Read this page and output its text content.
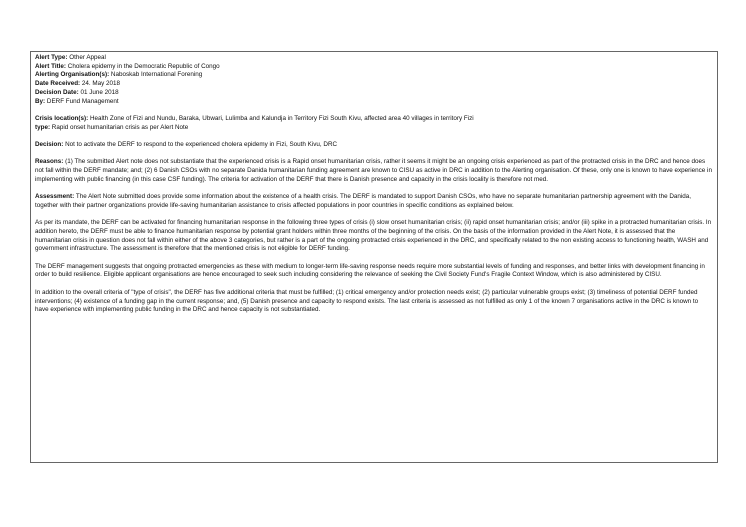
Alert Type: Other Appeal
Alert Title: Cholera epidemy in the Democratic Republic of Congo
Alerting Organisation(s): Naboskab International Forening
Date Received: 24. May 2018
Decision Date: 01 June 2018
By: DERF Fund Management
Crisis location(s): Health Zone of Fizi and Nundu, Baraka, Ubwari, Lulimba and Kalundja in Territory Fizi South Kivu, affected area 40 villages in territory Fizi
type: Rapid onset humanitarian crisis as per Alert Note

Decision: Not to activate the DERF to respond to the experienced cholera epidemy in Fizi, South Kivu, DRC

Reasons: (1) The submitted Alert note does not substantiate that the experienced crisis is a Rapid onset humanitarian crisis, rather it seems it might be an ongoing crisis experienced as part of the protracted crisis in the DRC and hence does not fall within the DERF mandate; and; (2) 6 Danish CSOs with no separate Danida humanitarian funding agreement are known to CISU as active in DRC in addition to the Alerting organisation. Of these, only one is known to have experience in implementing with public financing (in this case CSF funding). The criteria for activation of the DERF that there is Danish presence and capacity in the crisis locality is therefore not med.

Assessment: The Alert Note submitted does provide some information about the existence of a health crisis. The DERF is mandated to support Danish CSOs, who have no separate humanitarian partnership agreement with the Danida, together with their partner organizations provide life-saving humanitarian assistance to crisis affected populations in poor countries in specific conditions as explained below.

As per its mandate, the DERF can be activated for financing humanitarian response in the following three types of crisis (i) slow onset humanitarian crisis; (ii) rapid onset humanitarian crisis; and/or (iii) spike in a protracted humanitarian crisis. In addition hereto, the DERF must be able to finance humanitarian response by potential grant holders within three months of the beginning of the crisis. On the basis of the information provided in the Alert Note, it is assessed that the humanitarian crisis in question does not fall within either of the above 3 categories, but rather is a part of the ongoing protracted crisis experienced in the DRC, and specifically related to the non existing access to functioning health, WASH and government infrastructure. The assessment is therefore that the mentioned crisis is not eligible for DERF funding.

The DERF management suggests that ongoing protracted emergencies as these with medium to longer-term life-saving response needs require more substantial levels of funding and responses, and better links with development financing in order to build resilience. Eligible applicant organisations are hence encouraged to seek such including considering the relevance of seeking the Civil Society Fund's Fragile Context Window, which is also administered by CISU.

In addition to the overall criteria of "type of crisis", the DERF has five additional criteria that must be fulfilled; (1) critical emergency and/or protection needs exist; (2) particular vulnerable groups exist; (3) timeliness of potential DERF funded interventions; (4) existence of a funding gap in the current response; and, (5) Danish presence and capacity to respond exists. The last criteria is assessed as not fulfilled as only 1 of the known 7 organisations active in the DRC is known to have experience with implementing public funding in the DRC and hence capacity is not substantiated.
